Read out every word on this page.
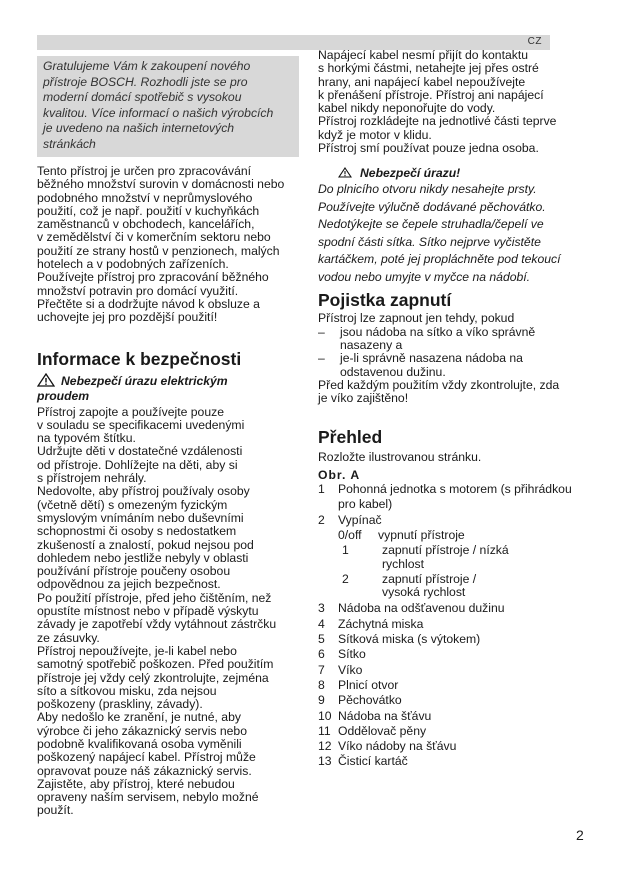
CZ
Gratulujeme Vám k zakoupení nového
přístroje BOSCH. Rozhodli jste se pro
moderní domácí spotřebič s vysokou
kvalitou. Více informací o našich výrobcích
je uvedeno na našich internetových
stránkách
Tento přístroj je určen pro zpracovávání
běžného množství surovin v domácnosti nebo
podobného množství v neprůmyslového
použití, což je např. použití v kuchyňkách
zaměstnanců v obchodech, kancelářích,
v zemědělství či v komerčním sektoru nebo
použití ze strany hostů v penzionech, malých
hotelech a v podobných zařízeních.
Používejte přístroj pro zpracování běžného
množství potravin pro domácí využití.
Přečtěte si a dodržujte návod k obsluze a
uchovejte jej pro pozdější použití!
Informace k bezpečnosti
Nebezpečí úrazu elektrickým
proudem
Přístroj zapojte a používejte pouze
v souladu se specifikacemi uvedenými
na typovém štítku.
Udržujte děti v dostatečné vzdálenosti
od přístroje. Dohlížejte na děti, aby si
s přístrojem nehrály.
Nedovolte, aby přístroj používaly osoby
(včetně dětí) s omezeným fyzickým
smyslovým vnímáním nebo duševními
schopnostmi či osoby s nedostatkem
zkušeností a znalostí, pokud nejsou pod
dohledem nebo jestliže nebyly v oblasti
používání přístroje poučeny osobou
odpovědnou za jejich bezpečnost.
Po použití přístroje, před jeho čištěním, než
opustíte místnost nebo v případě výskytu
závady je zapotřebí vždy vytáhnout zástrčku
ze zásuvky.
Přístroj nepoužívejte, je-li kabel nebo
samotný spotřebič poškozen. Před použitím
přístroje jej vždy celý zkontrolujte, zejména
síto a sítkovou misku, zda nejsou
poškozeny (praskliny, závady).
Aby nedošlo ke zranění, je nutné, aby
výrobce či jeho zákaznický servis nebo
podobně kvalifikovaná osoba vyměnili
poškozený napájecí kabel. Přístroj může
opravovat pouze náš zákaznický servis.
Zajistěte, aby přístroj, které nebudou
opraveny naším servisem, nebylo možné
použít.
Napájecí kabel nesmí přijít do kontaktu
s horkými částmi, netahejte jej přes ostré
hrany, ani napájecí kabel nepoužívejte
k přenášení přístroje. Přístroj ani napájecí
kabel nikdy neponořujte do vody.
Přístroj rozkládejte na jednotlivé části teprve
když je motor v klidu.
Přístroj smí používat pouze jedna osoba.
Nebezpečí úrazu!
Do plnicího otvoru nikdy nesahejte prsty.
Používejte výlučně dodávané pěchovátko.
Nedotýkejte se čepele struhadla/čepelí ve
spodní části sítka. Sítko nejprve vyčistěte
kartáčkem, poté jej propláchněte pod tekoucí
vodou nebo umyjte v myčce na nádobí.
Pojistka zapnutí
Přístroj lze zapnout jen tehdy, pokud
–	jsou nádoba na sítko a víko správně
nasazeny a
–	je-li správně nasazena nádoba na
odstavenou dužinu.
Před každým použitím vždy zkontrolujte, zda
je víko zajištěno!
Přehled
Rozložte ilustrovanou stránku.
Obr. A
1	Pohonná jednotka s motorem (s přihrádkou
pro kabel)
2	Vypínač
0/off	vypnutí přístroje
1	zapnutí přístroje / nízká
rychlost
2	zapnutí přístroje /
vysoká rychlost
3	Nádoba na odšťavenou dužinu
4	Záchytná miska
5	Sítková miska (s výtokem)
6	Sítko
7	Víko
8	Plnicí otvor
9	Pěchovátko
10 Nádoba na šťávu
11 Oddělovač pěny
12 Víko nádoby na šťávu
13 Čisticí kartáč
2
